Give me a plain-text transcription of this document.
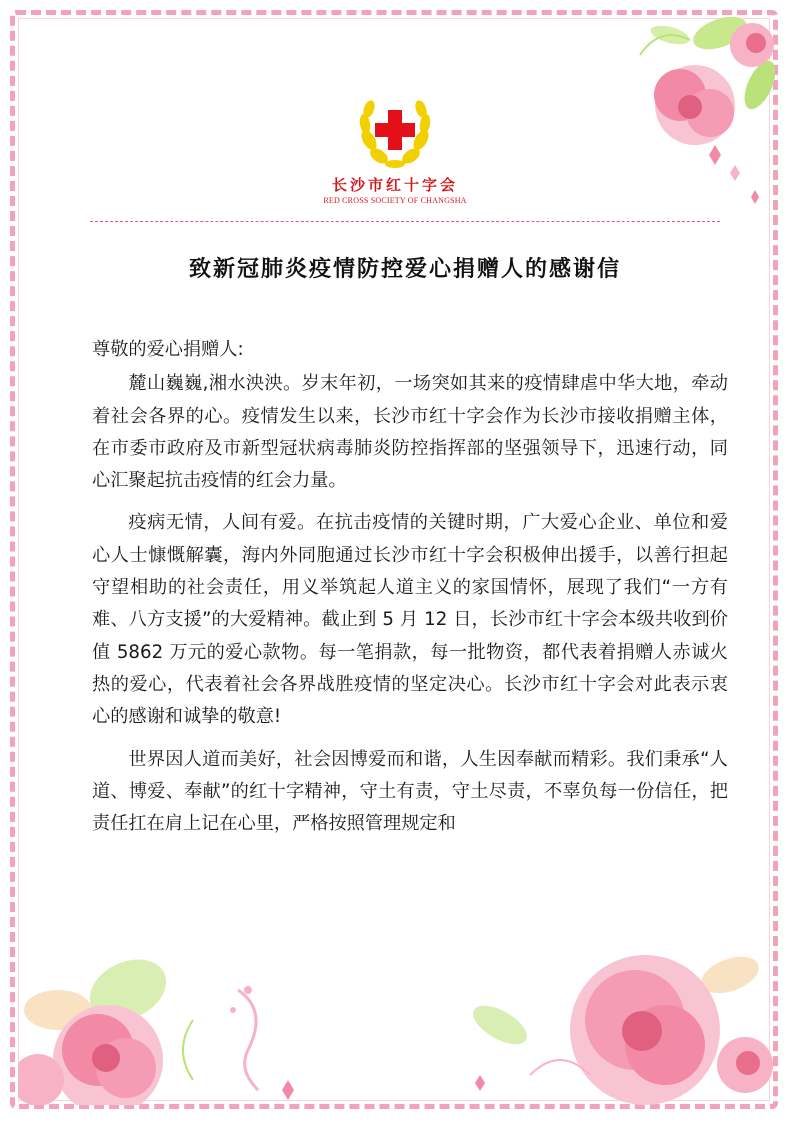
长沙市红十字会
RED CROSS SOCIETY OF CHANGSHA
致新冠肺炎疫情防控爱心捐赠人的感谢信

尊敬的爱心捐赠人:

麓山巍巍,湘水泱泱。岁末年初，一场突如其来的疫情肆虐中华大地，牵动着社会各界的心。疫情发生以来，长沙市红十字会作为长沙市接收捐赠主体，在市委市政府及市新型冠状病毒肺炎防控指挥部的坚强领导下，迅速行动，同心汇聚起抗击疫情的红会力量。

疫病无情，人间有爱。在抗击疫情的关键时期，广大爱心企业、单位和爱心人士慷慨解囊，海内外同胞通过长沙市红十字会积极伸出援手，以善行担起守望相助的社会责任，用义举筑起人道主义的家国情怀，展现了我们“一方有难、八方支援”的大爱精神。截止到 5 月 12 日，长沙市红十字会本级共收到价值 5862 万元的爱心款物。每一笔捐款，每一批物资，都代表着捐赠人赤诚火热的爱心，代表着社会各界战胜疫情的坚定决心。长沙市红十字会对此表示衷心的感谢和诚挚的敬意!

世界因人道而美好，社会因博爱而和谐，人生因奉献而精彩。我们秉承“人道、博爱、奉献”的红十字精神，守土有责，守土尽责，不辜负每一份信任，把责任扛在肩上记在心里，严格按照管理规定和
